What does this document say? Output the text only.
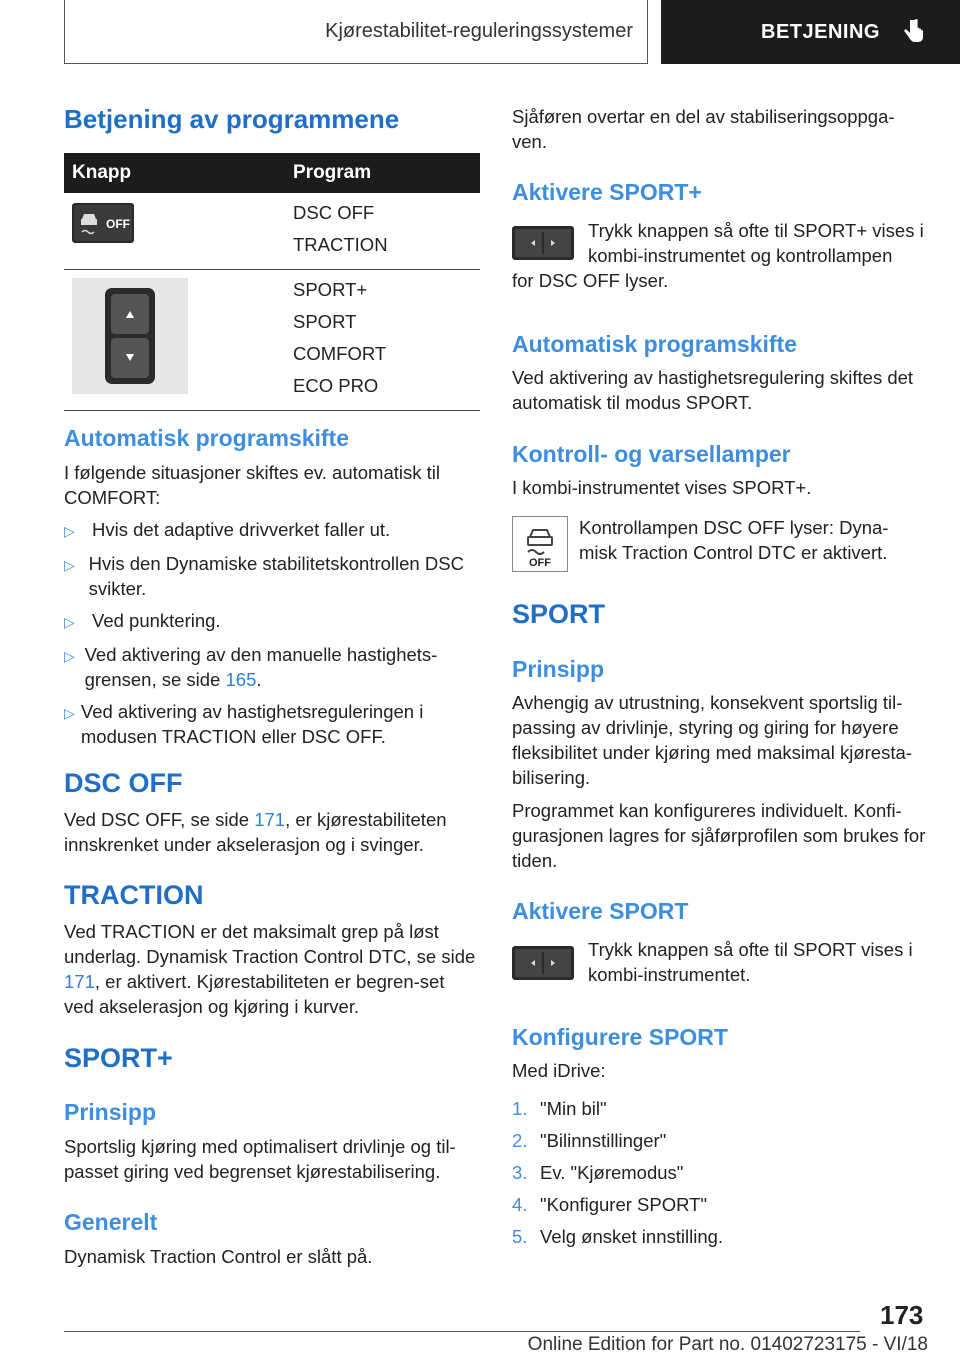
Kjørestabilitet-reguleringssystemer	BETJENING
Betjening av programmene
Knapp	Program

OFF	DSC OFF
TRACTION

SPORT+
SPORT
COMFORT
ECO PRO
Automatisk programskifte

I følgende situasjoner skiftes ev. automatisk til COMFORT:

▷ Hvis det adaptive drivverket faller ut.
▷ Hvis den Dynamiske stabilitetskontrollen DSC svikter.
▷ Ved punktering.
▷ Ved aktivering av den manuelle hastighets-grensen, se side 165.
▷ Ved aktivering av hastighetsreguleringen i modusen TRACTION eller DSC OFF.
DSC OFF

Ved DSC OFF, se side 171, er kjørestabiliteten innskrenket under akselerasjon og i svinger.

TRACTION

Ved TRACTION er det maksimalt grep på løst underlag. Dynamisk Traction Control DTC, se side 171, er aktivert. Kjørestabiliteten er begren-set ved akselerasjon og kjøring i kurver.

SPORT+
Prinsipp

Sportslig kjøring med optimalisert drivlinje og til-passet giring ved begrenset kjørestabilisering.

Generelt

Dynamisk Traction Control er slått på.

Sjåføren overtar en del av stabiliseringsoppga-ven.

Aktivere SPORT+

Trykk knappen så ofte til SPORT+ vises i kombi-instrumentet og kontrollampen

for DSC OFF lyser.

Automatisk programskifte

Ved aktivering av hastighetsregulering skiftes det automatisk til modus SPORT.

Kontroll- og varsellamper

I kombi-instrumentet vises SPORT+.

OFF

Kontrollampen DSC OFF lyser: Dyna-misk Traction Control DTC er aktivert.

SPORT
Prinsipp

Avhengig av utrustning, konsekvent sportslig til-passing av drivlinje, styring og giring for høyere fleksibilitet under kjøring med maksimal kjøresta-bilisering.

Programmet kan konfigureres individuelt. Konfi-gurasjonen lagres for sjåførprofilen som brukes for tiden.

Aktivere SPORT

Trykk knappen så ofte til SPORT vises i kombi-instrumentet.

Konfigurere SPORT

Med iDrive:

1. "Min bil"
2. "Bilinnstillinger"
3. Ev. "Kjøremodus"
4. "Konfigurer SPORT"
5. Velg ønsket innstilling.
173
Online Edition for Part no. 01402723175 - VI/18
